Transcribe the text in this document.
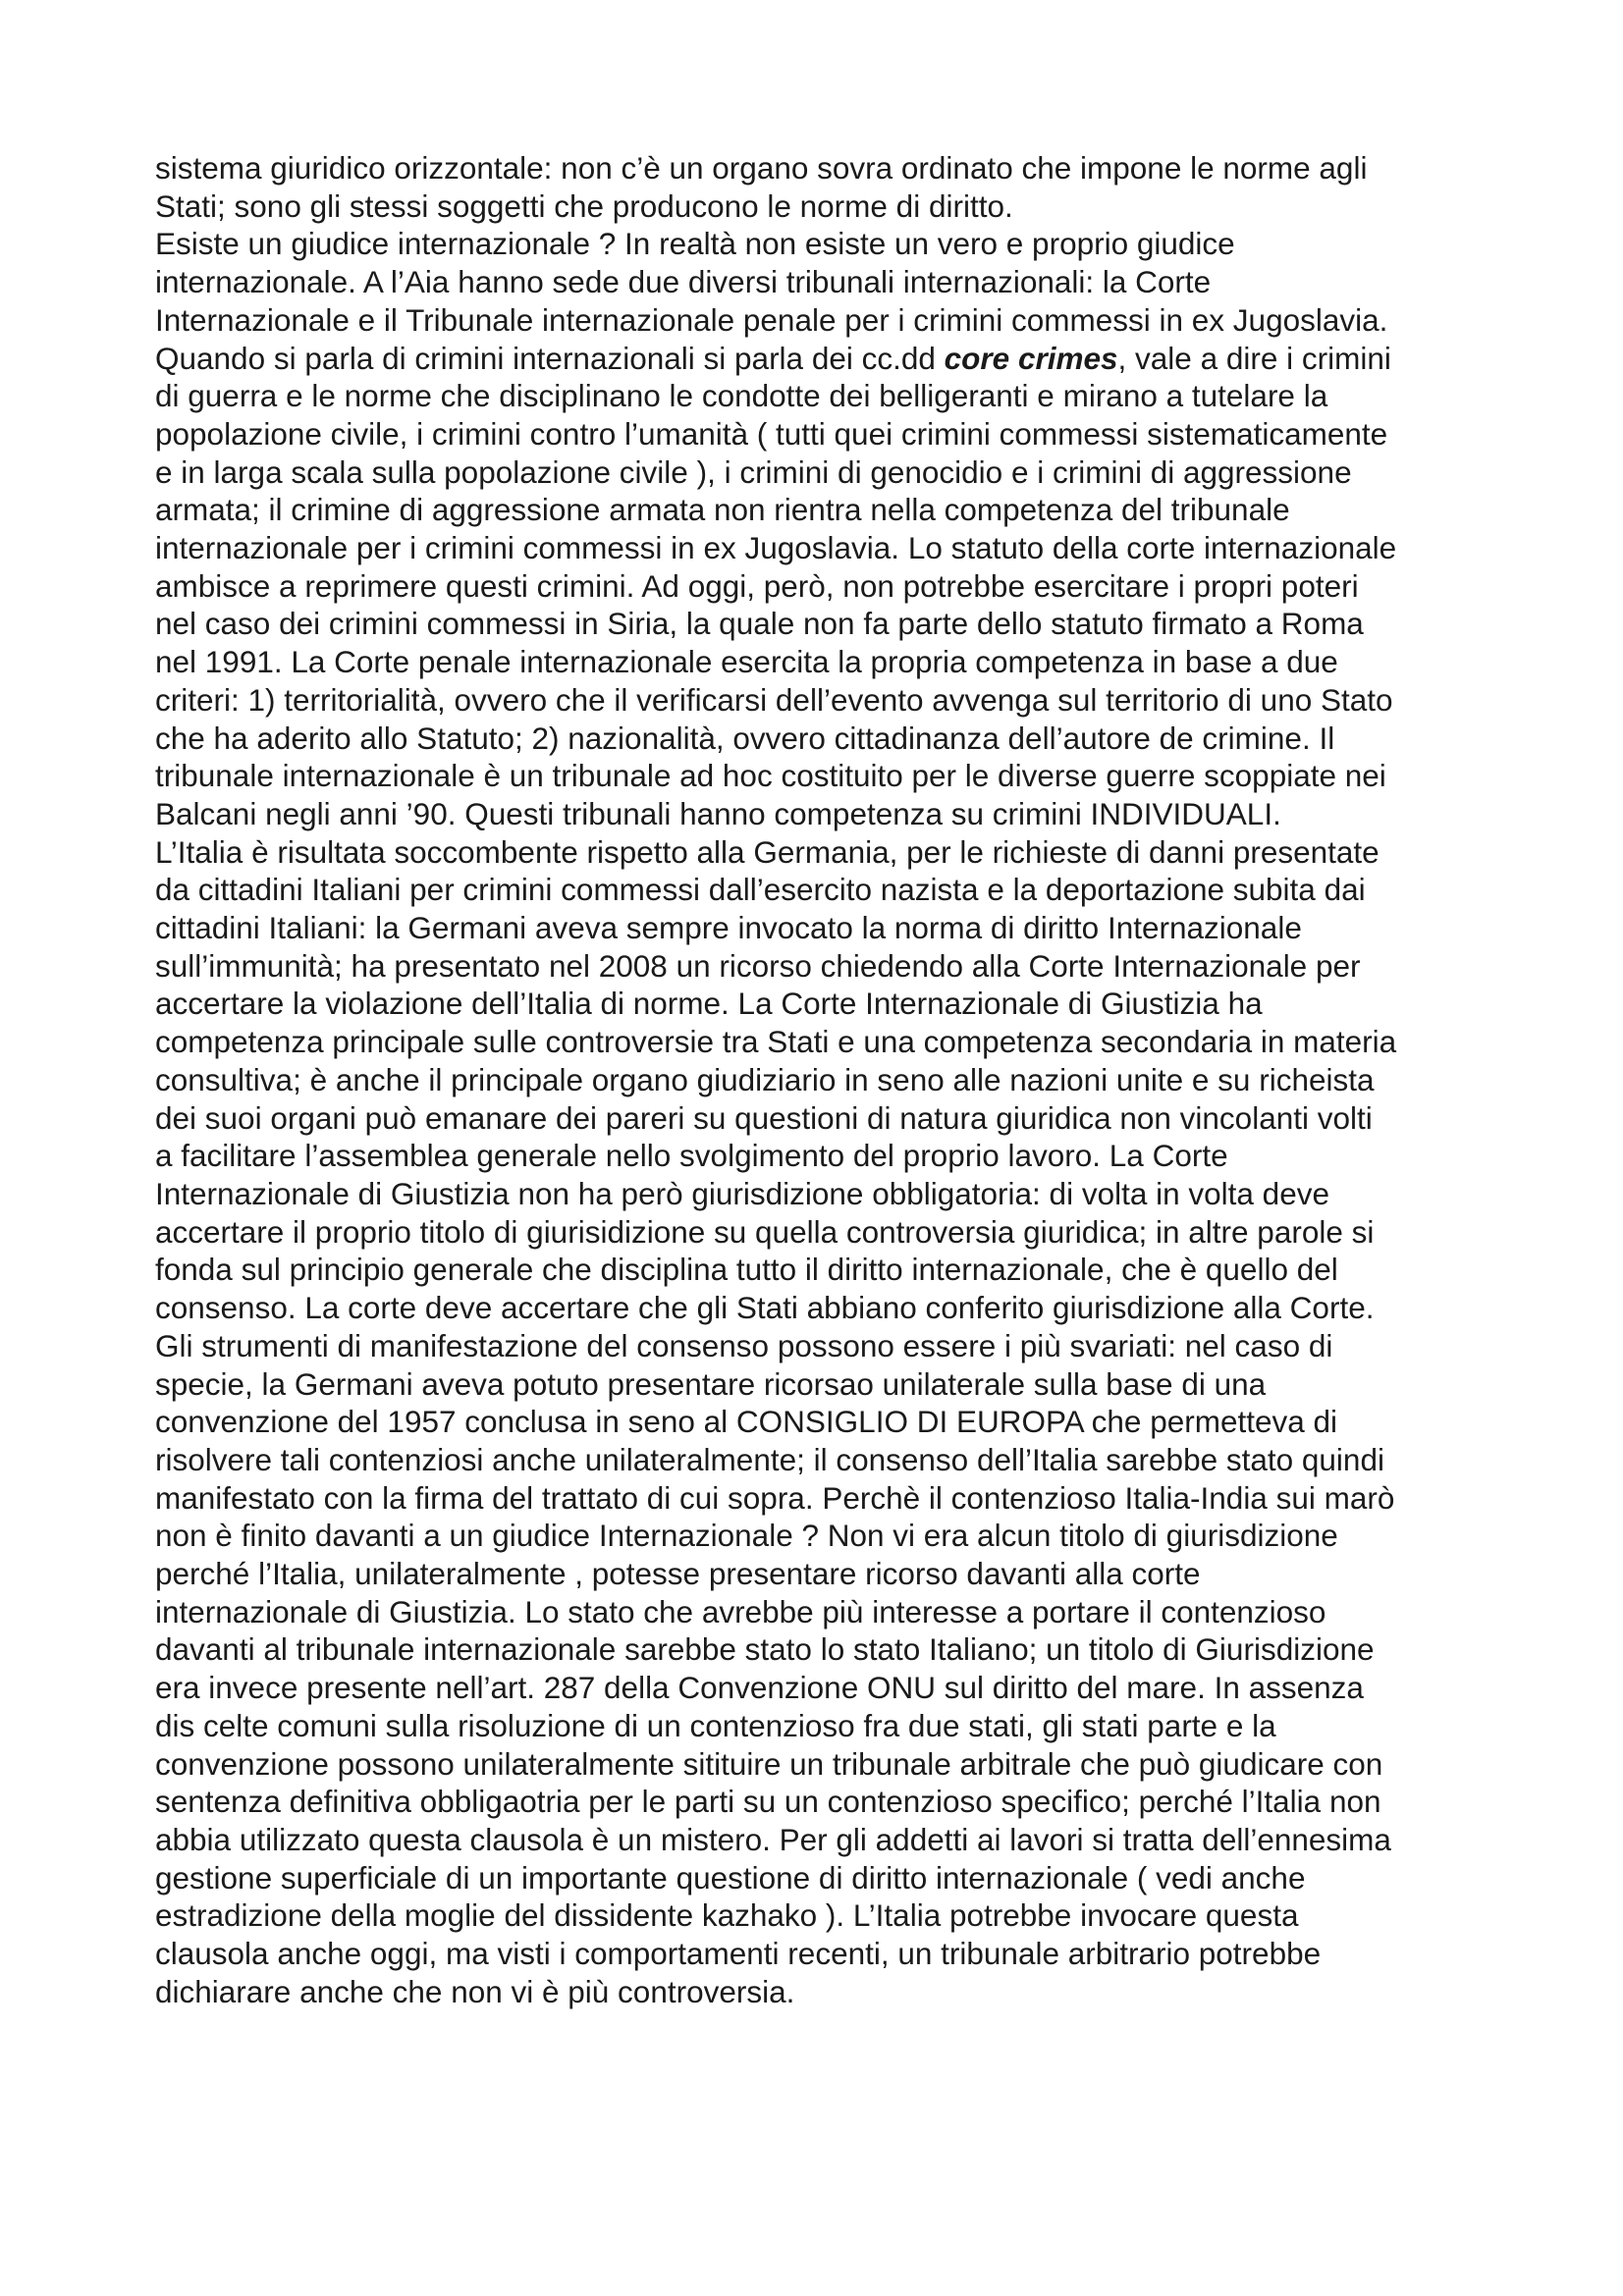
sistema giuridico orizzontale: non c’è un organo sovra ordinato che impone le norme agli
Stati; sono gli stessi soggetti che producono le norme di diritto.
Esiste un giudice internazionale ? In realtà non esiste un vero e proprio giudice
internazionale. A l’Aia hanno sede due diversi tribunali internazionali: la Corte
Internazionale e il Tribunale internazionale penale per i crimini commessi in ex Jugoslavia.
Quando si parla di crimini internazionali si parla dei cc.dd core crimes, vale a dire i crimini
di guerra e le norme che disciplinano le condotte dei belligeranti e mirano a tutelare la
popolazione civile, i crimini contro l’umanità ( tutti quei crimini commessi sistematicamente
e in larga scala sulla popolazione civile ), i crimini di genocidio e i crimini di aggressione
armata; il crimine di aggressione armata non rientra nella competenza del tribunale
internazionale per i crimini commessi in ex Jugoslavia. Lo statuto della corte internazionale
ambisce a reprimere questi crimini. Ad oggi, però, non potrebbe esercitare i propri poteri
nel caso dei crimini commessi in Siria, la quale non fa parte dello statuto firmato a Roma
nel 1991. La Corte penale internazionale esercita la propria competenza in base a due
criteri: 1) territorialità, ovvero che il verificarsi dell’evento avvenga sul territorio di uno Stato
che ha aderito allo Statuto; 2) nazionalità, ovvero cittadinanza dell’autore de crimine. Il
tribunale internazionale è un tribunale ad hoc costituito per le diverse guerre scoppiate nei
Balcani negli anni ’90. Questi tribunali hanno competenza su crimini INDIVIDUALI.
L’Italia è risultata soccombente rispetto alla Germania, per le richieste di danni presentate
da cittadini Italiani per crimini commessi dall’esercito nazista e la deportazione subita dai
cittadini Italiani: la Germani aveva sempre invocato la norma di diritto Internazionale
sull’immunità; ha presentato nel 2008 un ricorso chiedendo alla Corte Internazionale per
accertare la violazione dell’Italia di norme. La Corte Internazionale di Giustizia ha
competenza principale sulle controversie tra Stati e una competenza secondaria in materia
consultiva; è anche il principale organo giudiziario in seno alle nazioni unite e su richeista
dei suoi organi può emanare dei pareri su questioni di natura giuridica non vincolanti volti
a facilitare l’assemblea generale nello svolgimento del proprio lavoro. La Corte
Internazionale di Giustizia non ha però giurisdizione obbligatoria: di volta in volta deve
accertare il proprio titolo di giurisidizione su quella controversia giuridica; in altre parole si
fonda sul principio generale che disciplina tutto il diritto internazionale, che è quello del
consenso. La corte deve accertare che gli Stati abbiano conferito giurisdizione alla Corte.
Gli strumenti di manifestazione del consenso possono essere i più svariati: nel caso di
specie, la Germani aveva potuto presentare ricorsao unilaterale sulla base di una
convenzione del 1957 conclusa in seno al CONSIGLIO DI EUROPA che permetteva di
risolvere tali contenziosi anche unilateralmente; il consenso dell’Italia sarebbe stato quindi
manifestato con la firma del trattato di cui sopra. Perchè il contenzioso Italia-India sui marò
non è finito davanti a un giudice Internazionale ? Non vi era alcun titolo di giurisdizione
perché l’Italia, unilateralmente , potesse presentare ricorso davanti alla corte
internazionale di Giustizia. Lo stato che avrebbe più interesse a portare il contenzioso
davanti al tribunale internazionale sarebbe stato lo stato Italiano; un titolo di Giurisdizione
era invece presente nell’art. 287 della Convenzione ONU sul diritto del mare. In assenza
dis celte comuni sulla risoluzione di un contenzioso fra due stati, gli stati parte e la
convenzione possono unilateralmente sitituire un tribunale arbitrale che può giudicare con
sentenza definitiva obbligaotria per le parti su un contenzioso specifico; perché l’Italia non
abbia utilizzato questa clausola è un mistero. Per gli addetti ai lavori si tratta dell’ennesima
gestione superficiale di un importante questione di diritto internazionale ( vedi anche
estradizione della moglie del dissidente kazhako ). L’Italia potrebbe invocare questa
clausola anche oggi, ma visti i comportamenti recenti, un tribunale arbitrario potrebbe
dichiarare anche che non vi è più controversia.
